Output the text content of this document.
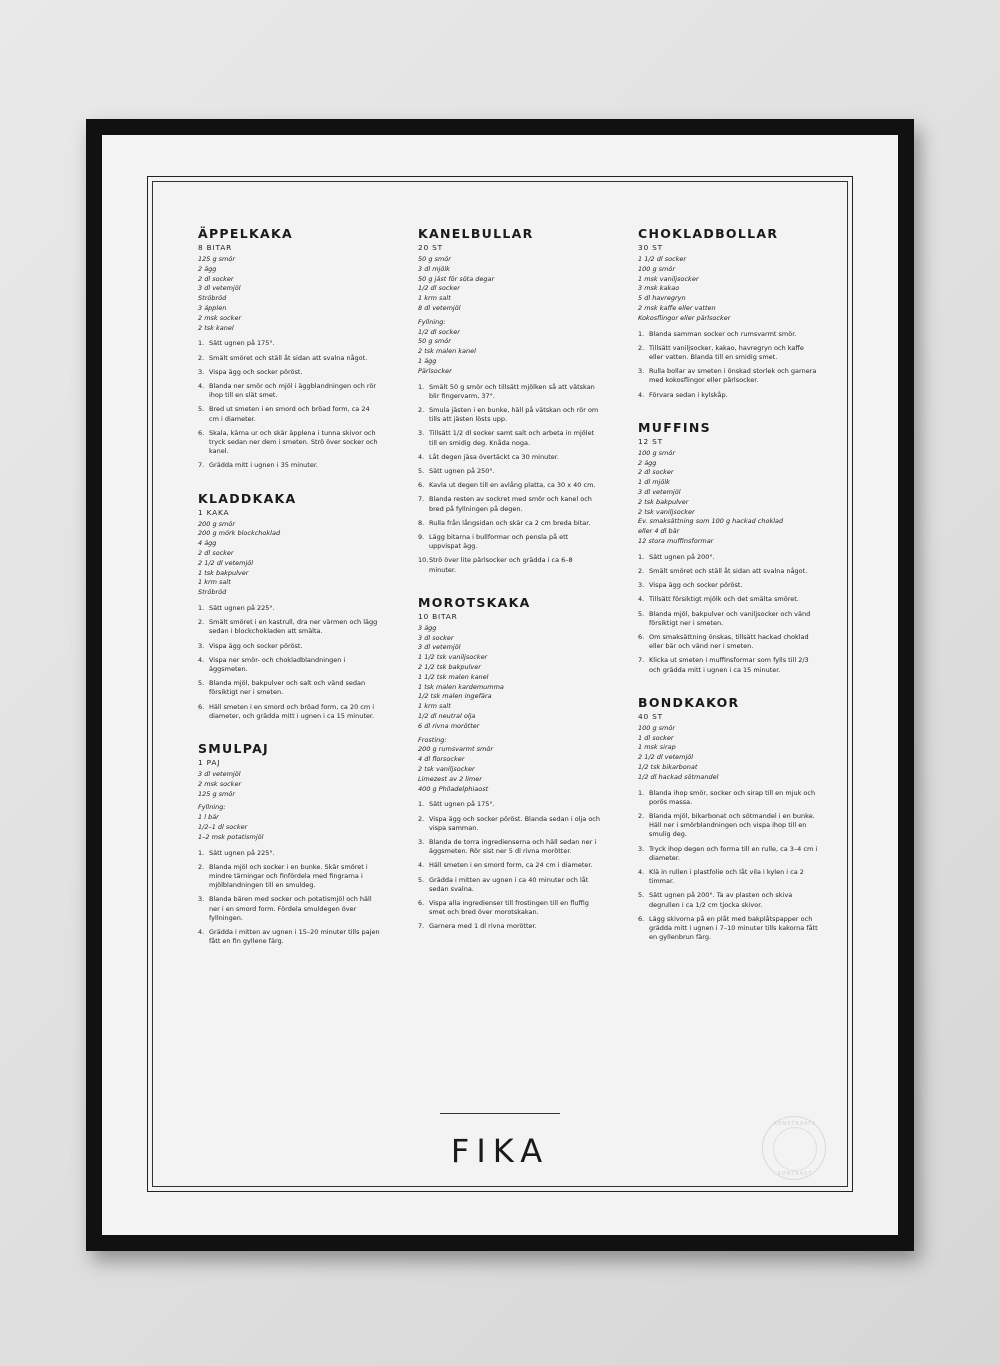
ÄPPELKAKA
8 BITAR
125 g smör
2 ägg
2 dl socker
3 dl vetemjöl
Ströbröd
3 äpplen
2 msk socker
2 tsk kanel
1. Sätt ugnen på 175°.
2. Smält smöret och ställ åt sidan att svalna något.
3. Vispa ägg och socker pöröst.
4. Blanda ner smör och mjöl i äggblandningen och rör ihop till en slät smet.
5. Bred ut smeten i en smord och bröad form, ca 24 cm i diameter.
6. Skala, kärna ur och skär äpplena i tunna skivor och tryck sedan ner dem i smeten. Strö över socker och kanel.
7. Grädda mitt i ugnen i 35 minuter.
KLADDKAKA
1 KAKA
200 g smör
200 g mörk blockchoklad
4 ägg
2 dl socker
2 1/2 dl vetemjöl
1 tsk bakpulver
1 krm salt
Ströbröd
1. Sätt ugnen på 225°.
2. Smält smöret i en kastrull, dra ner värmen och lägg sedan i blockchokladen att smälta.
3. Vispa ägg och socker pöröst.
4. Vispa ner smör- och chokladblandningen i äggsmeten.
5. Blanda mjöl, bakpulver och salt och vänd sedan försiktigt ner i smeten.
6. Häll smeten i en smord och bröad form, ca 20 cm i diameter, och grädda mitt i ugnen i ca 15 minuter.
SMULPAJ
1 PAJ
3 dl vetemjöl
2 msk socker
125 g smör
Fyllning:
1 l bär
1/2–1 dl socker
1–2 msk potatismjöl
1. Sätt ugnen på 225°.
2. Blanda mjöl och socker i en bunke. Skär smöret i mindre tärningar och finfördela med fingrarna i mjölblandningen till en smuldeg.
3. Blanda bären med socker och potatismjöl och häll ner i en smord form. Fördela smuldegen över fyllningen.
4. Grädda i mitten av ugnen i 15–20 minuter tills pajen fått en fin gyllene färg.
KANELBULLAR
20 ST
50 g smör
3 dl mjölk
50 g jäst för söta degar
1/2 dl socker
1 krm salt
8 dl vetemjöl
Fyllning:
1/2 dl socker
50 g smör
2 tsk malen kanel
1 ägg
Pärlsocker
1. Smält 50 g smör och tillsätt mjölken så att vätskan blir fingervarm, 37°.
2. Smula jästen i en bunke, häll på vätskan och rör om tills att jästen lösts upp.
3. Tillsätt 1/2 dl socker samt salt och arbeta in mjölet till en smidig deg. Knåda noga.
4. Låt degen jäsa övertäckt ca 30 minuter.
5. Sätt ugnen på 250°.
6. Kavla ut degen till en avlång platta, ca 30 x 40 cm.
7. Blanda resten av sockret med smör och kanel och bred på fyllningen på degen.
8. Rulla från långsidan och skär ca 2 cm breda bitar.
9. Lägg bitarna i bullformar och pensla på ett uppvispat ägg.
10. Strö över lite pärlsocker och grädda i ca 6–8 minuter.
MOROTSKAKA
10 BITAR
3 ägg
3 dl socker
3 dl vetemjöl
1 1/2 tsk vaniljsocker
2 1/2 tsk bakpulver
1 1/2 tsk malen kanel
1 tsk malen kardemumma
1/2 tsk malen ingefära
1 krm salt
1/2 dl neutral olja
6 dl rivna morötter
Frosting:
200 g rumsvarmt smör
4 dl florsocker
2 tsk vaniljsocker
Limezest av 2 limer
400 g Philadelphiaost
1. Sätt ugnen på 175°.
2. Vispa ägg och socker pöröst. Blanda sedan i olja och vispa samman.
3. Blanda de torra ingredienserna och häll sedan ner i äggsmeten. Rör sist ner 5 dl rivna morötter.
4. Häll smeten i en smord form, ca 24 cm i diameter.
5. Grädda i mitten av ugnen i ca 40 minuter och låt sedan svalna.
6. Vispa alla ingredienser till frostingen till en fluffig smet och bred över morotskakan.
7. Garnera med 1 dl rivna morötter.
CHOKLADBOLLAR
30 ST
1 1/2 dl socker
100 g smör
1 msk vaniljsocker
3 msk kakao
5 dl havregryn
2 msk kaffe eller vatten
Kokosflingor eller pärlsocker
1. Blanda samman socker och rumsvarmt smör.
2. Tillsätt vaniljsocker, kakao, havregryn och kaffe eller vatten. Blanda till en smidig smet.
3. Rulla bollar av smeten i önskad storlek och garnera med kokosflingor eller pärlsocker.
4. Förvara sedan i kylskåp.
MUFFINS
12 ST
100 g smör
2 ägg
2 dl socker
1 dl mjölk
3 dl vetemjöl
2 tsk bakpulver
2 tsk vaniljsocker
Ev. smaksättning som 100 g hackad choklad
eller 4 dl bär
12 stora muffinsformar
1. Sätt ugnen på 200°.
2. Smält smöret och ställ åt sidan att svalna något.
3. Vispa ägg och socker pöröst.
4. Tillsätt försiktigt mjölk och det smälta smöret.
5. Blanda mjöl, bakpulver och vaniljsocker och vänd försiktigt ner i smeten.
6. Om smaksättning önskas, tillsätt hackad choklad eller bär och vänd ner i smeten.
7. Klicka ut smeten i muffinsformar som fylls till 2/3 och grädda mitt i ugnen i ca 15 minuter.
BONDKAKOR
40 ST
100 g smör
1 dl socker
1 msk sirap
2 1/2 dl vetemjöl
1/2 tsk bikarbonat
1/2 dl hackad sötmandel
1. Blanda ihop smör, socker och sirap till en mjuk och porös massa.
2. Blanda mjöl, bikarbonat och sötmandel i en bunke. Häll ner i smörblandningen och vispa ihop till en smulig deg.
3. Tryck ihop degen och forma till en rulle, ca 3–4 cm i diameter.
4. Klä in rullen i plastfolie och låt vila i kylen i ca 2 timmar.
5. Sätt ugnen på 200°. Ta av plasten och skiva degrullen i ca 1/2 cm tjocka skivor.
6. Lägg skivorna på en plåt med bakplåtspapper och grädda mitt i ugnen i 7–10 minuter tills kakorna fått en gyllenbrun färg.
FIKA
KONSTKARTA
KONTRAST
